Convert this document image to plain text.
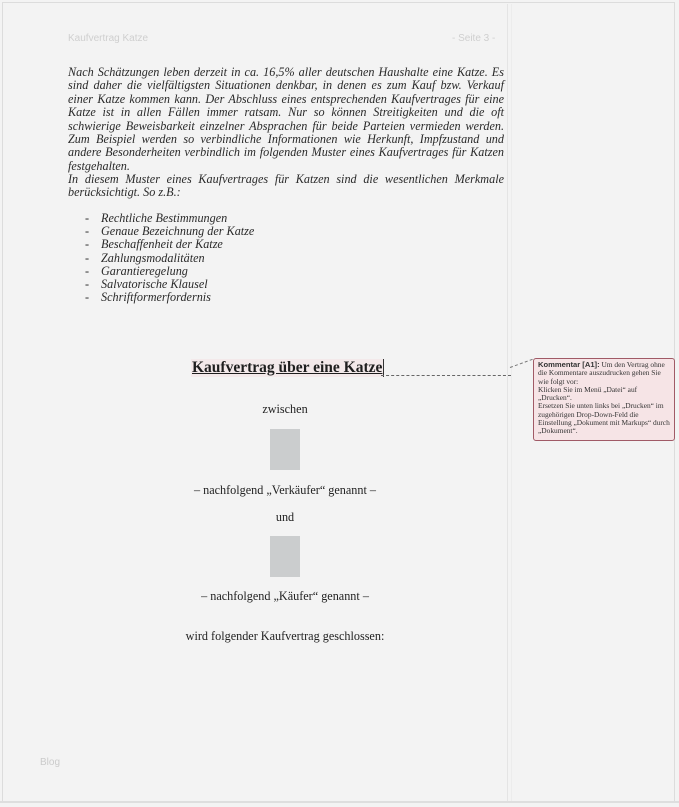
Kaufvertrag Katze	- Seite 3 -

Nach Schätzungen leben derzeit in ca. 16,5% aller deutschen Haushalte eine Katze. Es sind daher die vielfältigsten Situationen denkbar, in denen es zum Kauf bzw. Verkauf einer Katze kommen kann. Der Abschluss eines entsprechenden Kaufvertrages für eine Katze ist in allen Fällen immer ratsam. Nur so können Streitigkeiten und die oft schwierige Beweisbarkeit einzelner Absprachen für beide Parteien vermieden werden. Zum Beispiel werden so verbindliche Informationen wie Herkunft, Impfzustand und andere Besonderheiten verbindlich im folgenden Muster eines Kaufvertrages für Katzen festgehalten.

In diesem Muster eines Kaufvertrages für Katzen sind die wesentlichen Merkmale berücksichtigt. So z.B.:

- Rechtliche Bestimmungen
- Genaue Bezeichnung der Katze
- Beschaffenheit der Katze
- Zahlungsmodalitäten
- Garantieregelung
- Salvatorische Klausel
- Schriftformerfordernis
Kaufvertrag über eine Katze	Kommentar [A1]: Um den Vertrag ohne die Kommentare auszudrucken gehen Sie wie folgt vor:
Klicken Sie im Menü „Datei“ auf „Drucken“.
Ersetzen Sie unten links bei „Drucken“ im zugehörigen Drop-Down-Feld die Einstellung „Dokument mit Markups“ durch „Dokument“.
zwischen
– nachfolgend „Verkäufer“ genannt –
und
– nachfolgend „Käufer“ genannt –
wird folgender Kaufvertrag geschlossen:
Blog
